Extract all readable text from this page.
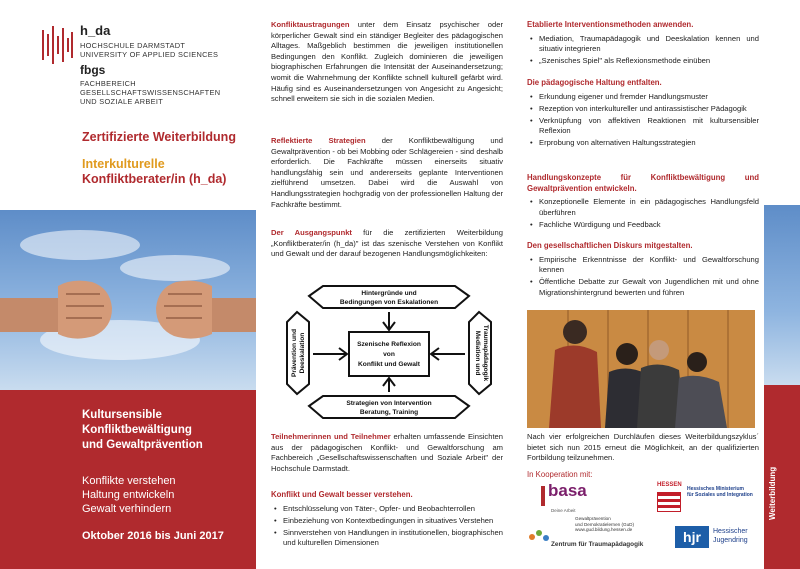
h_da
HOCHSCHULE DARMSTADT
UNIVERSITY OF APPLIED SCIENCES
fbgs
FACHBEREICH
GESELLSCHAFTSWISSENSCHAFTEN
UND SOZIALE ARBEIT
Zertifizierte Weiterbildung
Interkulturelle
Konfliktberater/in (h_da)
Kultursensible
Konfliktbewältigung
und Gewaltprävention
Konflikte verstehen
Haltung entwickeln
Gewalt verhindern
Oktober 2016 bis Juni 2017
Konfliktaustragungen unter dem Einsatz psychischer oder körperlicher Gewalt sind ein ständiger Begleiter des pädagogischen Alltages. Maßgeblich bestimmen die jeweiligen institutionellen Bedingungen den Konflikt. Zugleich dominieren die jeweiligen biographischen Erfahrungen die Intensität der Auseinandersetzung; womit die Wahrnehmung der Konflikte schnell kulturell gefärbt wird. Häufig sind es Auseinandersetzungen von Angesicht zu Angesicht; schnell erweitern sie sich in die sozialen Medien.
Reflektierte Strategien der Konfliktbewältigung und Gewaltprävention - ob bei Mobbing oder Schlägereien - sind deshalb erforderlich. Die Fachkräfte müssen einerseits situativ handlungsfähig sein und andererseits geplante Interventionen zielführend umsetzen. Dabei wird die Auswahl von Handlungsstrategien hochgradig von der professionellen Haltung der Fachkräfte bestimmt.
Der Ausgangspunkt für die zertifizierten Weiterbildung „Konfliktberater/in (h_da)" ist das szenische Verstehen von Konflikt und Gewalt und der darauf bezogenen Handlungsmöglichkeiten:
Hintergründe und
Bedingungen von Eskalationen
Szenische Reflexion
von
Konflikt und Gewalt
Strategien von Intervention
Beratung, Training
Prävention und Deeskalation	Mediation und Traumapädagogik
Teilnehmerinnen und Teilnehmer erhalten umfassende Einsichten aus der pädagogischen Konflikt- und Gewaltforschung am Fachbereich „Gesellschaftswissenschaften und Soziale Arbeit" der Hochschule Darmstadt.
Konflikt und Gewalt besser verstehen.
• Entschlüsselung von Täter-, Opfer- und Beobachterrollen
• Einbeziehung von Kontextbedingungen in situatives Verstehen
• Sinnverstehen von Handlungen in institutionellen, biographischen und kulturellen Dimensionen
Etablierte Interventionsmethoden anwenden.
• Mediation, Traumapädagogik und Deeskalation kennen und situativ integrieren
• „Szenisches Spiel" als Reflexionsmethode einüben
Die pädagogische Haltung entfalten.
• Erkundung eigener und fremder Handlungsmuster
• Rezeption von interkultureller und antirassistischer Pädagogik
• Verknüpfung von affektiven Reaktionen mit kultursensibler Reflexion
• Erprobung von alternativen Haltungsstrategien
Handlungskonzepte für Konfliktbewältigung und Gewaltprävention entwickeln.
• Konzeptionelle Elemente in ein pädagogisches Handlungsfeld überführen
• Fachliche Würdigung und Feedback
Den gesellschaftlichen Diskurs mitgestalten.
• Empirische Erkenntnisse der Konflikt- und Gewaltforschung kennen
• Öffentliche Debatte zur Gewalt von Jugendlichen mit und ohne Migrationshintergrund bewerten und führen
Nach vier erfolgreichen Durchläufen dieses Weiterbildungszyklus´ bietet sich nun 2015 erneut die Möglichkeit, an der qualifizierten Fortbildung teilzunehmen.
In Kooperation mit:
basa
Deine Arbeit
Gewaltprävention
und Demokratielernen (GuD)
www.gud.bildung.hessen.de
Zentrum für Traumapädagogik
HESSEN
Hessisches Ministerium
für Soziales und Integration
hjr	Hessischer
Jugendring
Weiterbildung
